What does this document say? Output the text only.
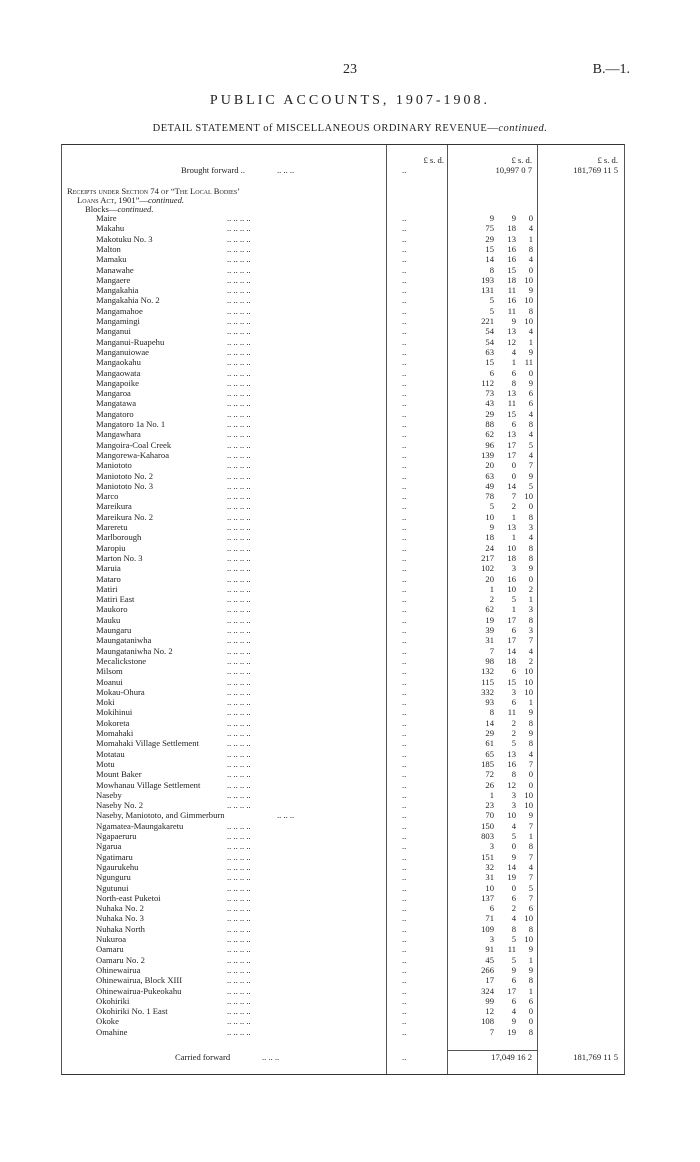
23	B.—1.
PUBLIC ACCOUNTS, 1907-1908.
DETAIL STATEMENT of MISCELLANEOUS ORDINARY REVENUE—continued.
£ s. d.	£ s. d.	£ s. d.
Brought forward ..	.. .. ..	..	10,997 0 7	181,769 11 5
Receipts under Section 74 of “The Local Bodies’
Loans Act, 1901”—continued.
Blocks—continued.
Maire	.. .. .. ..	..	9	9	0
Makahu	.. .. .. ..	..	75	18	4
Makotuku No. 3	.. .. .. ..	..	29	13	1
Malton	.. .. .. ..	..	15	16	8
Mamaku	.. .. .. ..	..	14	16	4
Manawahe	.. .. .. ..	..	8	15	0
Mangaere	.. .. .. ..	..	193	18 10
Mangakahia	.. .. .. ..	..	131	11	9
Mangakahia No. 2	.. .. .. ..	..	5	16 10
Mangamahoe	.. .. .. ..	..	5	11	8
Mangamingi	.. .. .. ..	..	221	9 10
Manganui	.. .. .. ..	..	54	13	4
Manganui-Ruapehu	.. .. .. ..	..	54	12	1
Manganuiowae	.. .. .. ..	..	63	4	9
Mangaokahu	.. .. .. ..	..	15	1	11
Mangaowata	.. .. .. ..	..	6	6	0
Mangapoike	.. .. .. ..	..	112	8	9
Mangaroa	.. .. .. ..	..	73	13	6
Mangatawa	.. .. .. ..	..	43	11	6
Mangatoro	.. .. .. ..	..	29	15	4
Mangatoro 1a No. 1	.. .. .. ..	..	88	6	8
Mangawhara	.. .. .. ..	..	62	13	4
Mangoira-Coal Creek	.. .. .. ..	..	96	17	5
Mangorewa-Kaharoa	.. .. .. ..	..	139	17	4
Maniototo	.. .. .. ..	..	20	0	7
Maniototo No. 2	.. .. .. ..	..	63	0	9
Maniototo No. 3	.. .. .. ..	..	49	14	5
Marco	.. .. .. ..	..	78	7 10
Mareikura	.. .. .. ..	..	5	2	0
Mareikura No. 2	.. .. .. ..	..	10	1	8
Mareretu	.. .. .. ..	..	9	13	3
Marlborough	.. .. .. ..	..	18	1	4
Maropiu	.. .. .. ..	..	24	10	8
Marton No. 3	.. .. .. ..	..	217	18	8
Maruia	.. .. .. ..	..	102	3	9
Mataro	.. .. .. ..	..	20	16	0
Matiri	.. .. .. ..	..	1	10	2
Matiri East	.. .. .. ..	..	2	5	1
Maukoro	.. .. .. ..	..	62	1	3
Mauku	.. .. .. ..	..	19	17	8
Maungaru	.. .. .. ..	..	39	6	3
Maungataniwha	.. .. .. ..	..	31	17	7
Maungataniwha No. 2	.. .. .. ..	..	7	14	4
Mecalickstone	.. .. .. ..	..	98	18	2
Milsom	.. .. .. ..	..	132	6 10
Moanui	.. .. .. ..	..	115	15 10
Mokau-Ohura	.. .. .. ..	..	332	3 10
Moki	.. .. .. ..	..	93	6	1
Mokihinui	.. .. .. ..	..	8	11	9
Mokoreta	.. .. .. ..	..	14	2	8
Momahaki	.. .. .. ..	..	29	2	9
Momahaki Village Settlement	.. .. .. ..	..	61	5	8
Motatau	.. .. .. ..	..	65	13	4
Motu	.. .. .. ..	..	185	16	7
Mount Baker	.. .. .. ..	..	72	8	0
Mowhanau Village Settlement	.. .. .. ..	..	26	12	0
Naseby	.. .. .. ..	..	1	3 10
Naseby No. 2	.. .. .. ..	..	23	3 10
Naseby, Maniototo, and Gimmerburn	.. .. ..	..	70	10	9
Ngamatea-Maungakaretu	.. .. .. ..	..	150	4	7
Ngapaeruru	.. .. .. ..	..	803	5	1
Ngarua	.. .. .. ..	..	3	0	8
Ngatimaru	.. .. .. ..	..	151	9	7
Ngaurukehu	.. .. .. ..	..	32	14	4
Ngunguru	.. .. .. ..	..	31	19	7
Ngutunui	.. .. .. ..	..	10	0	5
North-east Puketoi	.. .. .. ..	..	137	6	7
Nuhaka No. 2	.. .. .. ..	..	6	2	6
Nuhaka No. 3	.. .. .. ..	..	71	4 10
Nuhaka North	.. .. .. ..	..	109	8	8
Nukuroa	.. .. .. ..	..	3	5 10
Oamaru	.. .. .. ..	..	91	11	9
Oamaru No. 2	.. .. .. ..	..	45	5	1
Ohinewairua	.. .. .. ..	..	266	9	9
Ohinewairua, Block XIII	.. .. .. ..	..	17	6	8
Ohinewairua-Pukeokahu	.. .. .. ..	..	324	17	1
Okohiriki	.. .. .. ..	..	99	6	6
Okohiriki No. 1 East	.. .. .. ..	..	12	4	0
Okoke	.. .. .. ..	..	108	9	0
Omahine	.. .. .. ..	..	7	19	8
Carried forward	.. .. ..	..	17,049 16 2	181,769 11 5
